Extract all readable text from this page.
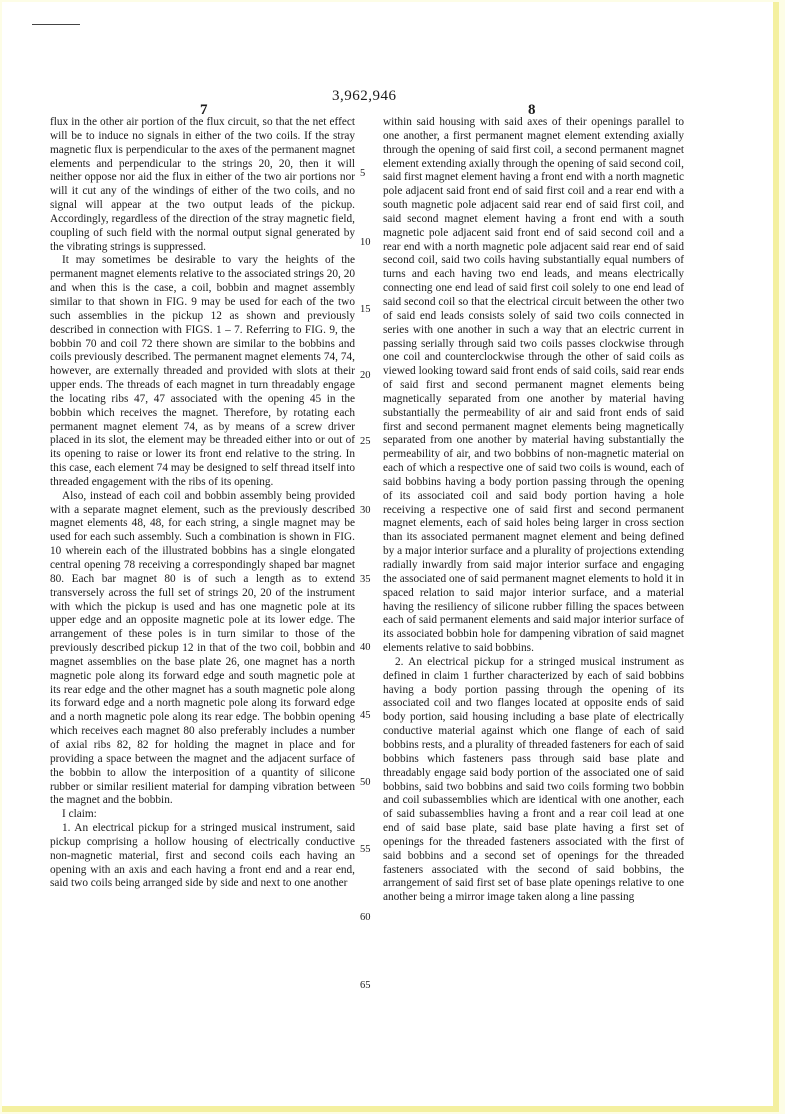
3,962,946
7	8

flux in the other air portion of the flux circuit, so that the net effect will be to induce no signals in either of the two coils. If the stray magnetic flux is perpendicular to the axes of the permanent magnet elements and perpendicular to the strings 20, 20, then it will neither oppose nor aid the flux in either of the two air portions nor will it cut any of the windings of either of the two coils, and no signal will appear at the two output leads of the pickup. Accordingly, regardless of the direction of the stray magnetic field, coupling of such field with the normal output signal generated by the vibrating strings is suppressed.

It may sometimes be desirable to vary the heights of the permanent magnet elements relative to the associated strings 20, 20 and when this is the case, a coil, bobbin and magnet assembly similar to that shown in FIG. 9 may be used for each of the two such assemblies in the pickup 12 as shown and previously described in connection with FIGS. 1 – 7. Referring to FIG. 9, the bobbin 70 and coil 72 there shown are similar to the bobbins and coils previously described. The permanent magnet elements 74, 74, however, are externally threaded and provided with slots at their upper ends. The threads of each magnet in turn threadably engage the locating ribs 47, 47 associated with the opening 45 in the bobbin which receives the magnet. Therefore, by rotating each permanent magnet element 74, as by means of a screw driver placed in its slot, the element may be threaded either into or out of its opening to raise or lower its front end relative to the string. In this case, each element 74 may be designed to self thread itself into threaded engagement with the ribs of its opening.

Also, instead of each coil and bobbin assembly being provided with a separate magnet element, such as the previously described magnet elements 48, 48, for each string, a single magnet may be used for each such assembly. Such a combination is shown in FIG. 10 wherein each of the illustrated bobbins has a single elongated central opening 78 receiving a correspondingly shaped bar magnet 80. Each bar magnet 80 is of such a length as to extend transversely across the full set of strings 20, 20 of the instrument with which the pickup is used and has one magnetic pole at its upper edge and an opposite magnetic pole at its lower edge. The arrangement of these poles is in turn similar to those of the previously described pickup 12 in that of the two coil, bobbin and magnet assemblies on the base plate 26, one magnet has a north magnetic pole along its forward edge and south magnetic pole at its rear edge and the other magnet has a south magnetic pole along its forward edge and a north magnetic pole along its forward edge and a north magnetic pole along its rear edge. The bobbin opening which receives each magnet 80 also preferably includes a number of axial ribs 82, 82 for holding the magnet in place and for providing a space between the magnet and the adjacent surface of the bobbin to allow the interposition of a quantity of silicone rubber or similar resilient material for damping vibration between the magnet and the bobbin.

I claim:

1. An electrical pickup for a stringed musical instrument, said pickup comprising a hollow housing of electrically conductive non-magnetic material, first and second coils each having an opening with an axis and each having a front end and a rear end, said two coils being arranged side by side and next to one another

within said housing with said axes of their openings parallel to one another, a first permanent magnet element extending axially through the opening of said first coil, a second permanent magnet element extending axially through the opening of said second coil, said first magnet element having a front end with a north magnetic pole adjacent said front end of said first coil and a rear end with a south magnetic pole adjacent said rear end of said first coil, and said second magnet element having a front end with a south magnetic pole adjacent said front end of said second coil and a rear end with a north magnetic pole adjacent said rear end of said second coil, said two coils having substantially equal numbers of turns and each having two end leads, and means electrically connecting one end lead of said first coil solely to one end lead of said second coil so that the electrical circuit between the other two of said end leads consists solely of said two coils connected in series with one another in such a way that an electric current in passing serially through said two coils passes clockwise through one coil and counterclockwise through the other of said coils as viewed looking toward said front ends of said coils, said rear ends of said first and second permanent magnet elements being magnetically separated from one another by material having substantially the permeability of air and said front ends of said first and second permanent magnet elements being magnetically separated from one another by material having substantially the permeability of air, and two bobbins of non-magnetic material on each of which a respective one of said two coils is wound, each of said bobbins having a body portion passing through the opening of its associated coil and said body portion having a hole receiving a respective one of said first and second permanent magnet elements, each of said holes being larger in cross section than its associated permanent magnet element and being defined by a major interior surface and a plurality of projections extending radially inwardly from said major interior surface and engaging the associated one of said permanent magnet elements to hold it in spaced relation to said major interior surface, and a material having the resiliency of silicone rubber filling the spaces between each of said permanent elements and said major interior surface of its associated bobbin hole for dampening vibration of said magnet elements relative to said bobbins.

2. An electrical pickup for a stringed musical instrument as defined in claim 1 further characterized by each of said bobbins having a body portion passing through the opening of its associated coil and two flanges located at opposite ends of said body portion, said housing including a base plate of electrically conductive material against which one flange of each of said bobbins rests, and a plurality of threaded fasteners for each of said bobbins which fasteners pass through said base plate and threadably engage said body portion of the associated one of said bobbins, said two bobbins and said two coils forming two bobbin and coil subassemblies which are identical with one another, each of said subassemblies having a front and a rear coil lead at one end of said base plate, said base plate having a first set of openings for the threaded fasteners associated with the first of said bobbins and a second set of openings for the threaded fasteners associated with the second of said bobbins, the arrangement of said first set of base plate openings relative to one another being a mirror image taken along a line passing

5
10
15
20
25
30
35
40
45
50
55
60
65
